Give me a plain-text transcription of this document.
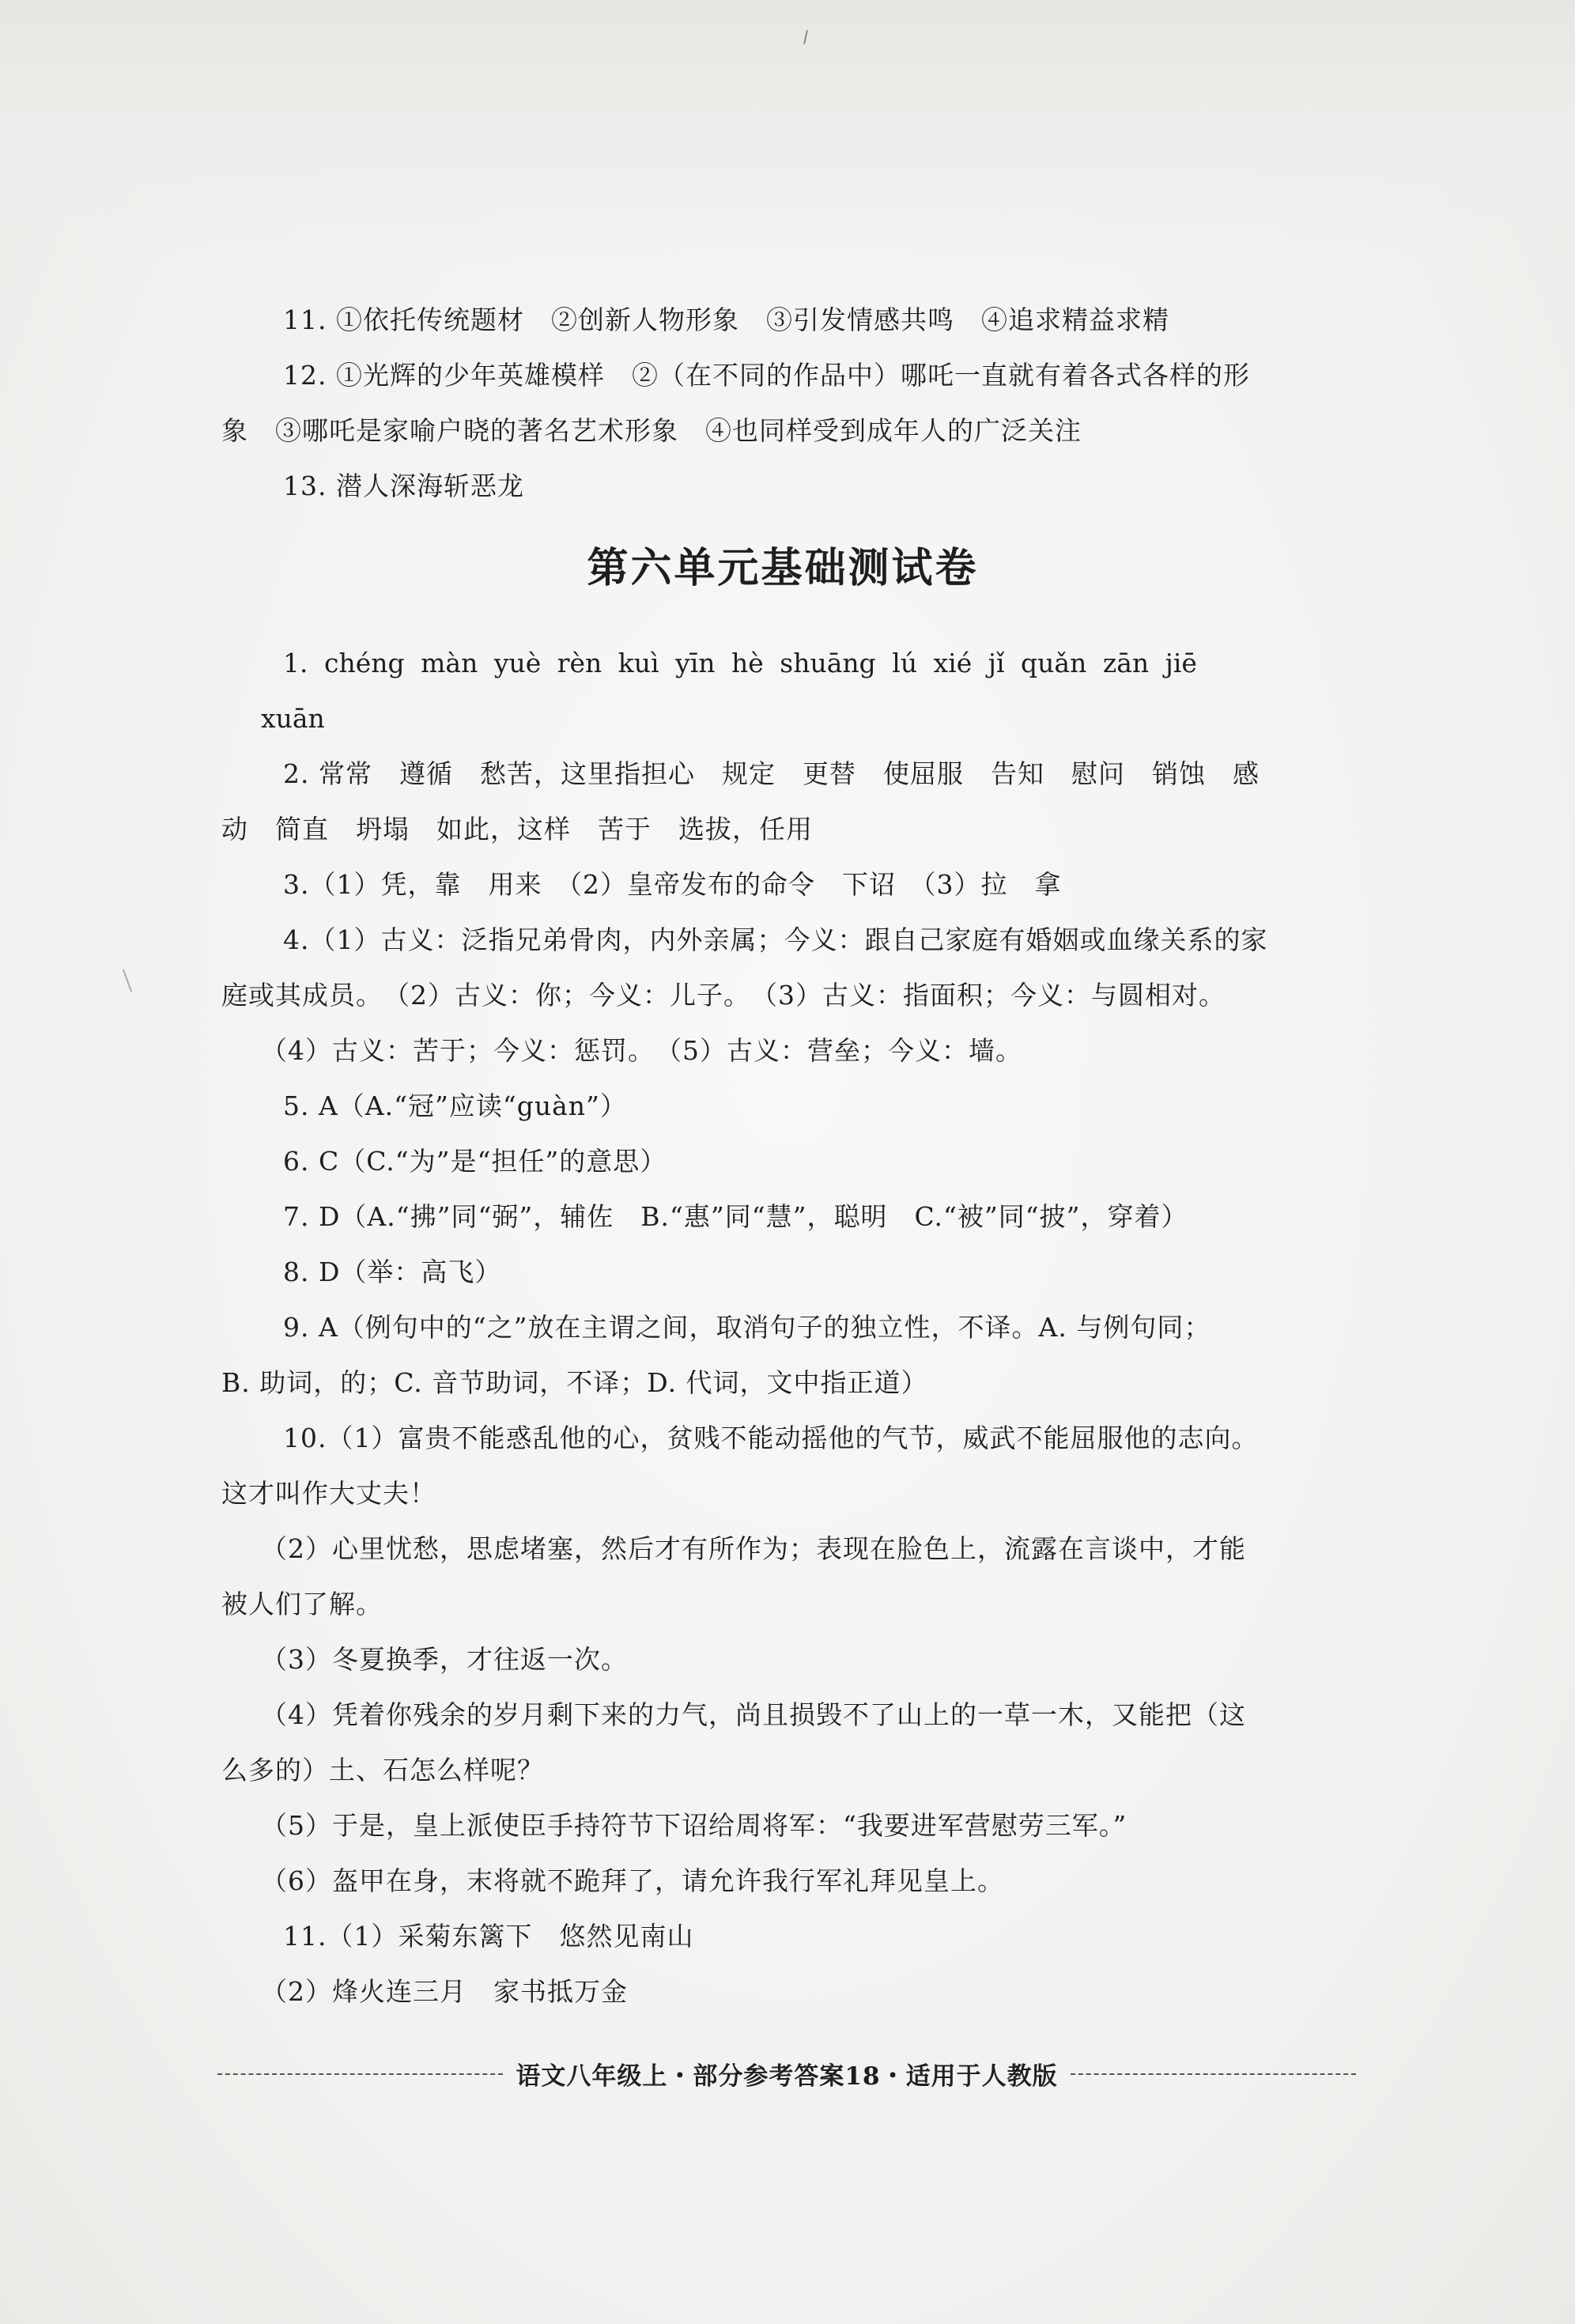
11. ①依托传统题材　②创新人物形象　③引发情感共鸣　④追求精益求精
12. ①光辉的少年英雄模样　②（在不同的作品中）哪吒一直就有着各式各样的形
象　③哪吒是家喻户晓的著名艺术形象　④也同样受到成年人的广泛关注
13. 潜人深海斩恶龙
第六单元基础测试卷
1. chéng màn yuè rèn kuì yīn hè shuāng lú xié jǐ quǎn zān jiē
xuān
2. 常常　遵循　愁苦，这里指担心　规定　更替　使屈服　告知　慰问　销蚀　感
动　简直　坍塌　如此，这样　苦于　选拔，任用
3.（1）凭，靠　用来　（2）皇帝发布的命令　下诏　（3）拉　拿
4.（1）古义：泛指兄弟骨肉，内外亲属；今义：跟自己家庭有婚姻或血缘关系的家
庭或其成员。　（2）古义：你；今义：儿子。　（3）古义：指面积；今义：与圆相对。
（4）古义：苦于；今义：惩罚。　（5）古义：营垒；今义：墙。
5. A（A.“冠”应读“guàn”）
6. C（C.“为”是“担任”的意思）
7. D（A.“拂”同“弼”，辅佐　B.“惠”同“慧”，聪明　C.“被”同“披”，穿着）
8. D（举：高飞）
9. A（例句中的“之”放在主谓之间，取消句子的独立性，不译。A. 与例句同；
B. 助词，的；C. 音节助词，不译；D. 代词，文中指正道）
10.（1）富贵不能惑乱他的心，贫贱不能动摇他的气节，威武不能屈服他的志向。
这才叫作大丈夫！
（2）心里忧愁，思虑堵塞，然后才有所作为；表现在脸色上，流露在言谈中，才能
被人们了解。
（3）冬夏换季，才往返一次。
（4）凭着你残余的岁月剩下来的力气，尚且损毁不了山上的一草一木，又能把（这
么多的）土、石怎么样呢？
（5）于是，皇上派使臣手持符节下诏给周将军：“我要进军营慰劳三军。”
（6）盔甲在身，末将就不跪拜了，请允许我行军礼拜见皇上。
11.（1）采菊东篱下　悠然见南山
（2）烽火连三月　家书抵万金
语文八年级上・部分参考答案18・适用于人教版
